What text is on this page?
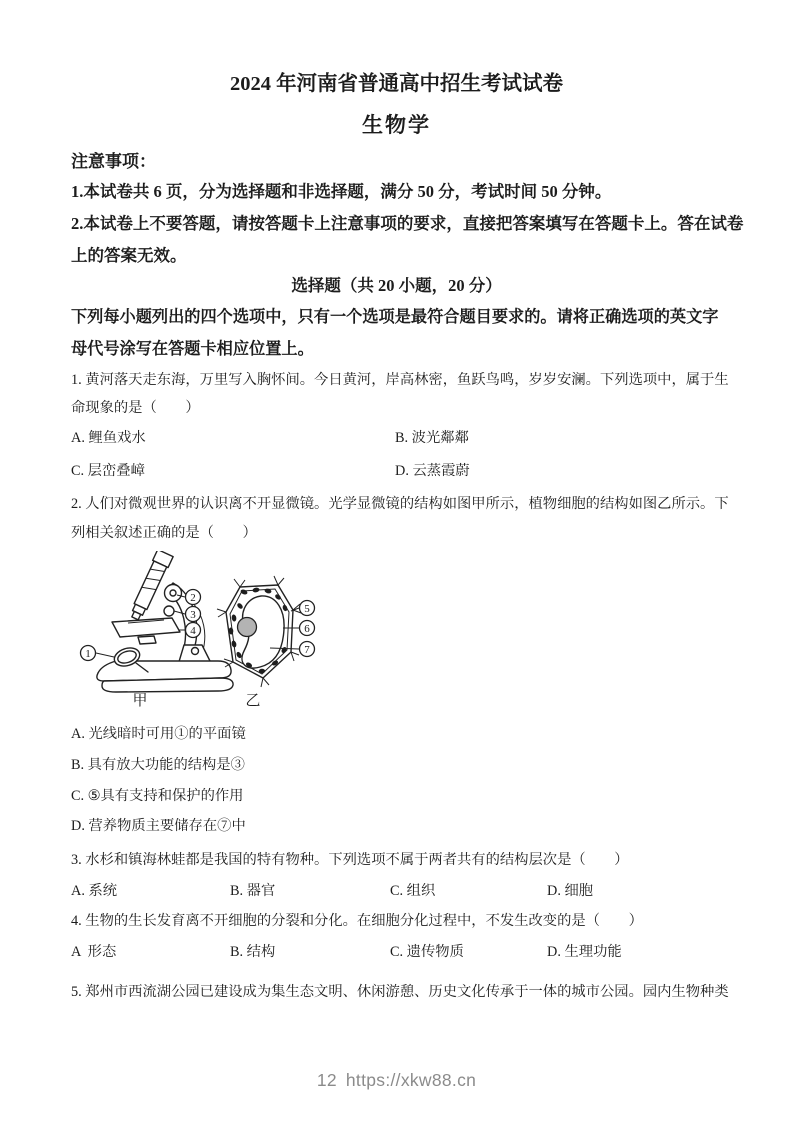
2024 年河南省普通高中招生考试试卷
生物学
注意事项：
1.本试卷共 6 页，分为选择题和非选择题，满分 50 分，考试时间 50 分钟。
2.本试卷上不要答题，请按答题卡上注意事项的要求，直接把答案填写在答题卡上。答在试卷
上的答案无效。
选择题（共 20 小题，20 分）
下列每小题列出的四个选项中，只有一个选项是最符合题目要求的。请将正确选项的英文字
母代号涂写在答题卡相应位置上。
1. 黄河落天走东海，万里写入胸怀间。今日黄河，岸高林密，鱼跃鸟鸣，岁岁安澜。下列选项中，属于生
命现象的是（　　）
A. 鲤鱼戏水	B. 波光鄰鄰
C. 层峦叠嶂	D. 云蒸霞蔚
2. 人们对微观世界的认识离不开显微镜。光学显微镜的结构如图甲所示，植物细胞的结构如图乙所示。下
列相关叙述正确的是（　　）
1
2
3
4
5
6
7
甲	乙
A. 光线暗时可用①的平面镜
B. 具有放大功能的结构是③
C. ⑤具有支持和保护的作用
D. 营养物质主要储存在⑦中
3. 水杉和镇海林蛙都是我国的特有物种。下列选项不属于两者共有的结构层次是（　　）
A. 系统	B. 器官	C. 组织	D. 细胞
4. 生物的生长发育离不开细胞的分裂和分化。在细胞分化过程中，不发生改变的是（　　）
A  形态	B. 结构	C. 遗传物质	D. 生理功能
5. 郑州市西流湖公园已建设成为集生态文明、休闲游憩、历史文化传承于一体的城市公园。园内生物种类
12 https://xkw88.cn
